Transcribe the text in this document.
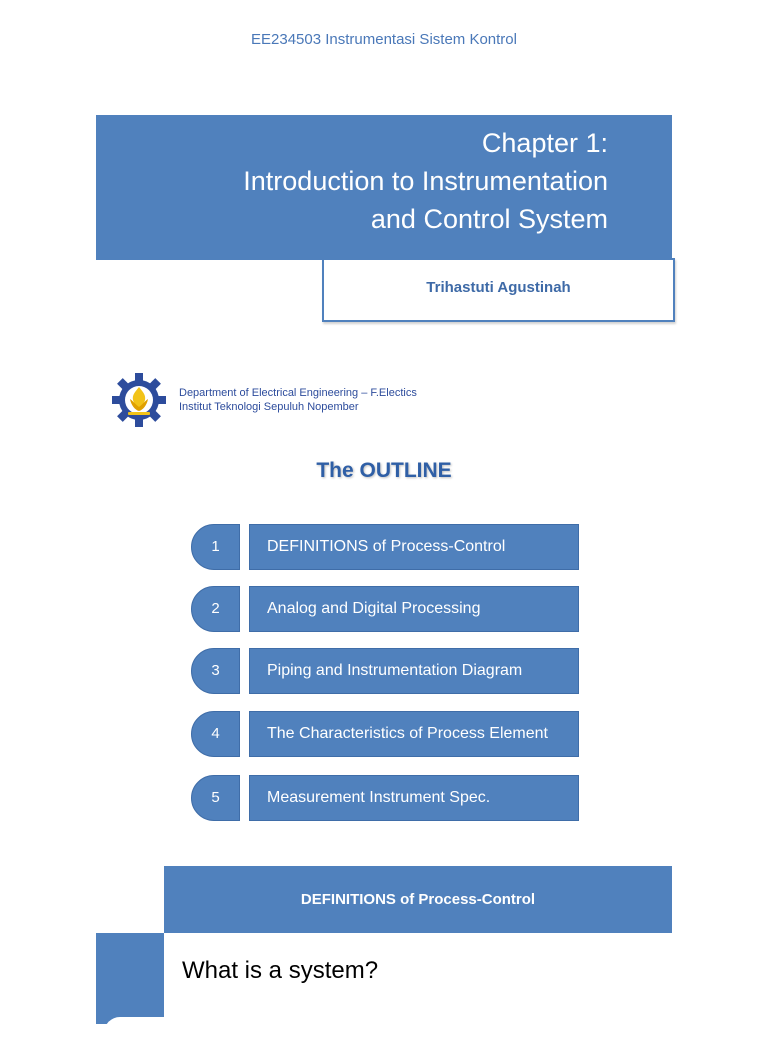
EE234503 Instrumentasi Sistem Kontrol
Chapter 1:
Introduction to Instrumentation
and Control System
Trihastuti Agustinah
Department of Electrical Engineering – F.Electics
Institut Teknologi Sepuluh Nopember
The OUTLINE
1	DEFINITIONS of Process-Control
2	Analog and Digital Processing
3	Piping and Instrumentation Diagram
4	The Characteristics of Process Element
5	Measurement Instrument Spec.
DEFINITIONS of Process-Control
What is a system?
